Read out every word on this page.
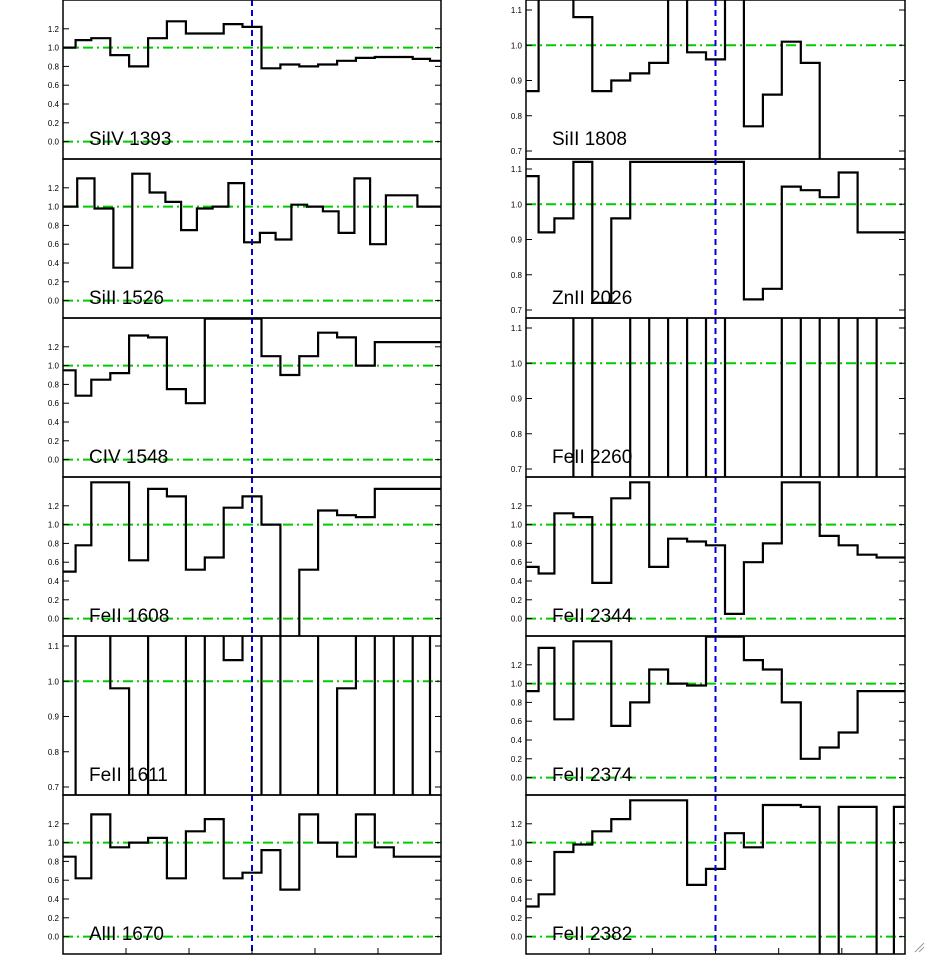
0.0
0.2
0.4
0.6
0.8
1.0
1.2
SiIV 1393
0.0
0.2
0.4
0.6
0.8
1.0
1.2
SiII 1526
0.0
0.2
0.4
0.6
0.8
1.0
1.2
CIV 1548
0.0
0.2
0.4
0.6
0.8
1.0
1.2
FeII 1608
0.7
0.8
0.9
1.0
1.1
FeII 1611
0.0
0.2
0.4
0.6
0.8
1.0
1.2
AlII 1670
0.7
0.8
0.9
1.0
1.1
SiII 1808
0.7
0.8
0.9
1.0
1.1
ZnII 2026
0.7
0.8
0.9
1.0
1.1
FeII 2260
0.0
0.2
0.4
0.6
0.8
1.0
1.2
FeII 2344
0.0
0.2
0.4
0.6
0.8
1.0
1.2
FeII 2374
0.0
0.2
0.4
0.6
0.8
1.0
1.2
FeII 2382
